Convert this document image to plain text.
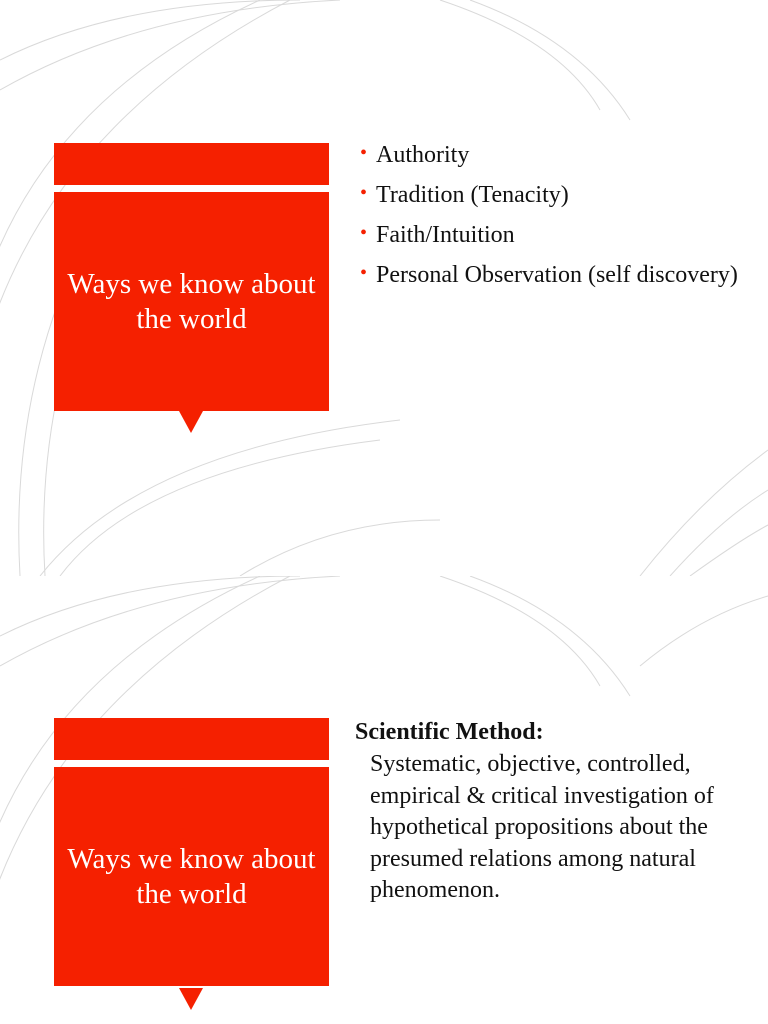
Ways we know about the world
• Authority
• Tradition (Tenacity)
• Faith/Intuition
• Personal Observation (self discovery)
Ways we know about the world
Scientific Method:
Systematic, objective, controlled, empirical & critical investigation of hypothetical propositions about the presumed relations among natural phenomenon.
